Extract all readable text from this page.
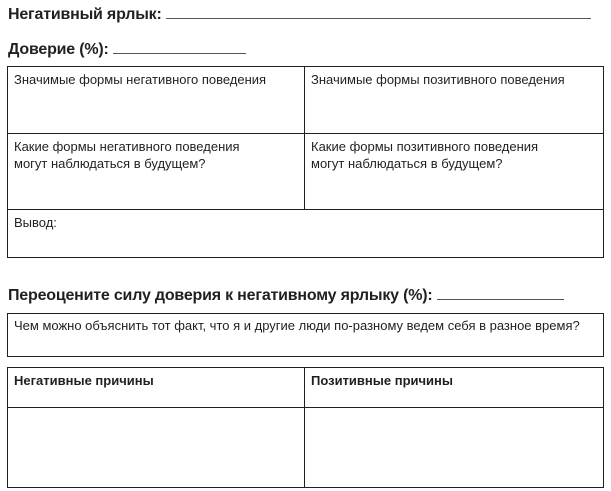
Негативный ярлык:
Доверие (%):
Значимые формы негативного поведения	Значимые формы позитивного поведения
Какие формы негативного поведения могут наблюдаться в будущем?
Какие формы позитивного поведения могут наблюдаться в будущем?
Вывод:
Переоцените силу доверия к негативному ярлыку (%):
Чем можно объяснить тот факт, что я и другие люди по-разному ведем себя в разное время?
Негативные причины	Позитивные причины
